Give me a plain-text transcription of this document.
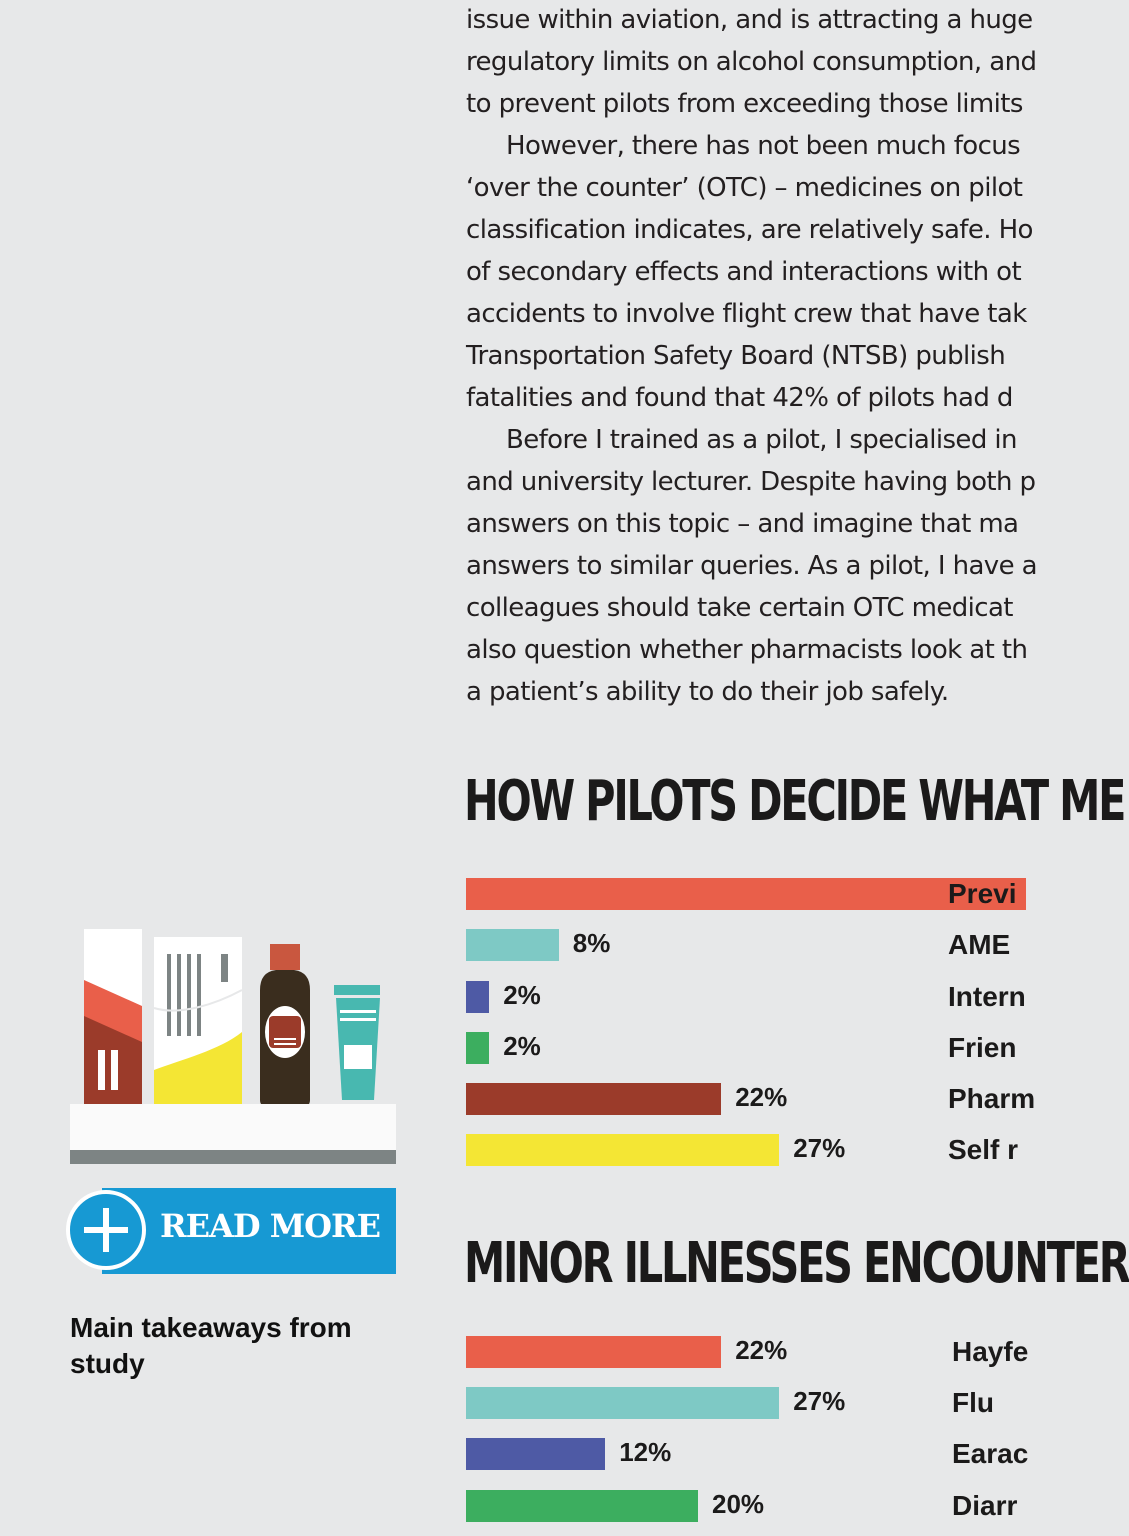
issue within aviation, and is attracting a huge
regulatory limits on alcohol consumption, and
to prevent pilots from exceeding those limits
However, there has not been much focus
‘over the counter’ (OTC) – medicines on pilot
classification indicates, are relatively safe. Ho
of secondary effects and interactions with ot
accidents to involve flight crew that have tak
Transportation Safety Board (NTSB) publish
fatalities and found that 42% of pilots had d
Before I trained as a pilot, I specialised in
and university lecturer. Despite having both p
answers on this topic – and imagine that ma
answers to similar queries. As a pilot, I have a
colleagues should take certain OTC medicat
also question whether pharmacists look at th
a patient’s ability to do their job safely.
HOW PILOTS DECIDE WHAT ME
MINOR ILLNESSES ENCOUNTER
Previ
8%	AME
2%	Intern
2%	Frien
22%	Pharm
27%	Self r
22%	Hayfe
27%	Flu
12%	Earac
20%	Diarr
READ MORE
Main takeaways from study
